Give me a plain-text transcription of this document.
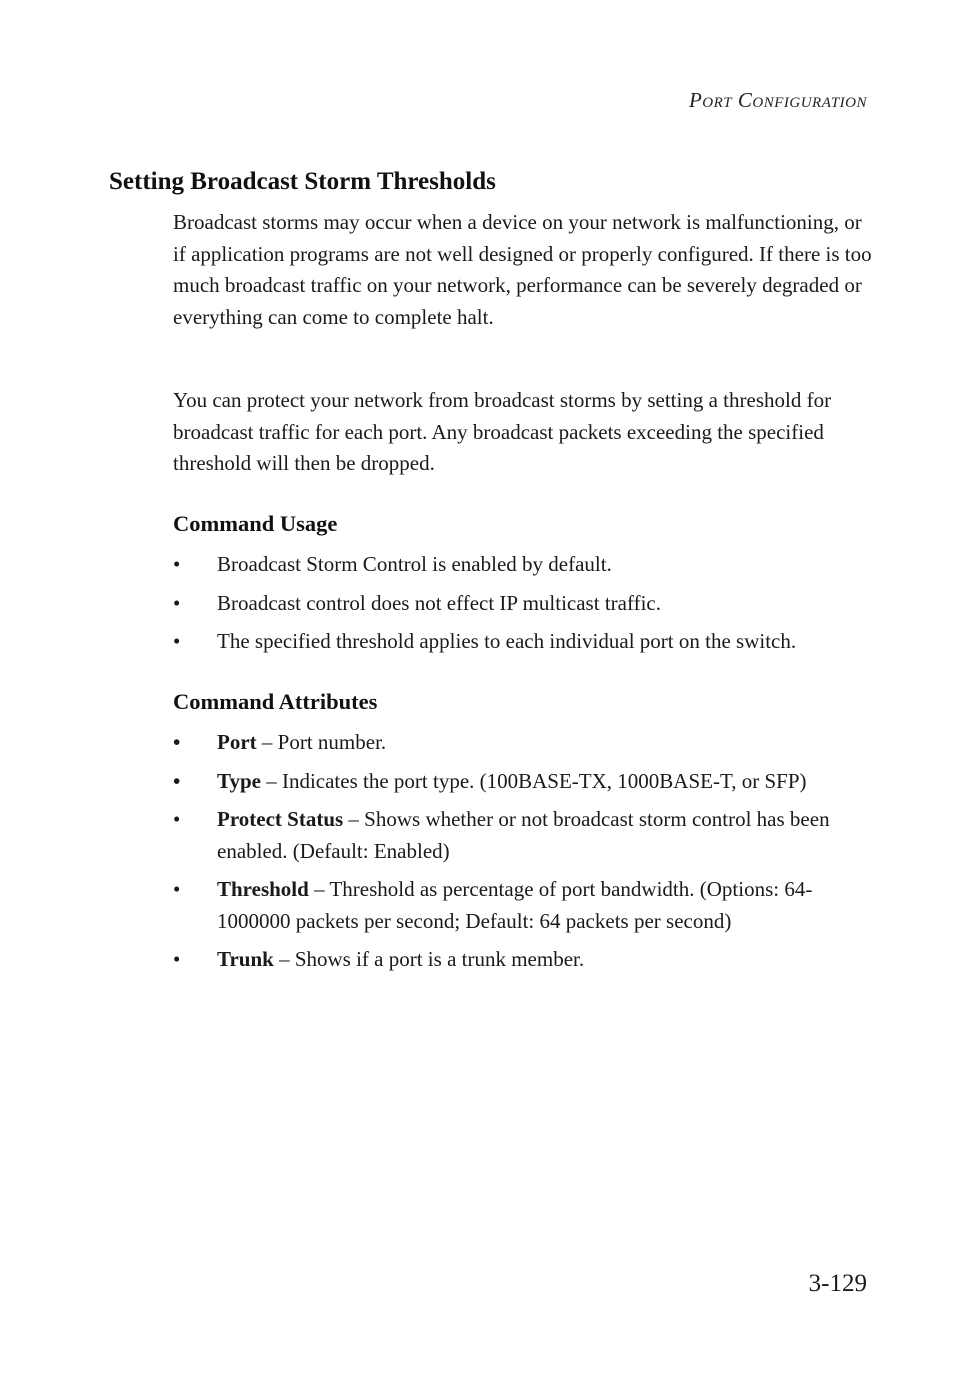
Port Configuration
Setting Broadcast Storm Thresholds

Broadcast storms may occur when a device on your network is malfunctioning, or if application programs are not well designed or properly configured. If there is too much broadcast traffic on your network, performance can be severely degraded or everything can come to complete halt.

You can protect your network from broadcast storms by setting a threshold for broadcast traffic for each port. Any broadcast packets exceeding the specified threshold will then be dropped.

Command Usage
•	Broadcast Storm Control is enabled by default.
•	Broadcast control does not effect IP multicast traffic.
•	The specified threshold applies to each individual port on the switch.
Command Attributes
•	Port – Port number.
•	Type – Indicates the port type. (100BASE-TX, 1000BASE-T, or SFP)
•	Protect Status – Shows whether or not broadcast storm control has been enabled. (Default: Enabled)
•	Threshold – Threshold as percentage of port bandwidth. (Options: 64-1000000 packets per second; Default: 64 packets per second)
•	Trunk – Shows if a port is a trunk member.
3-129
